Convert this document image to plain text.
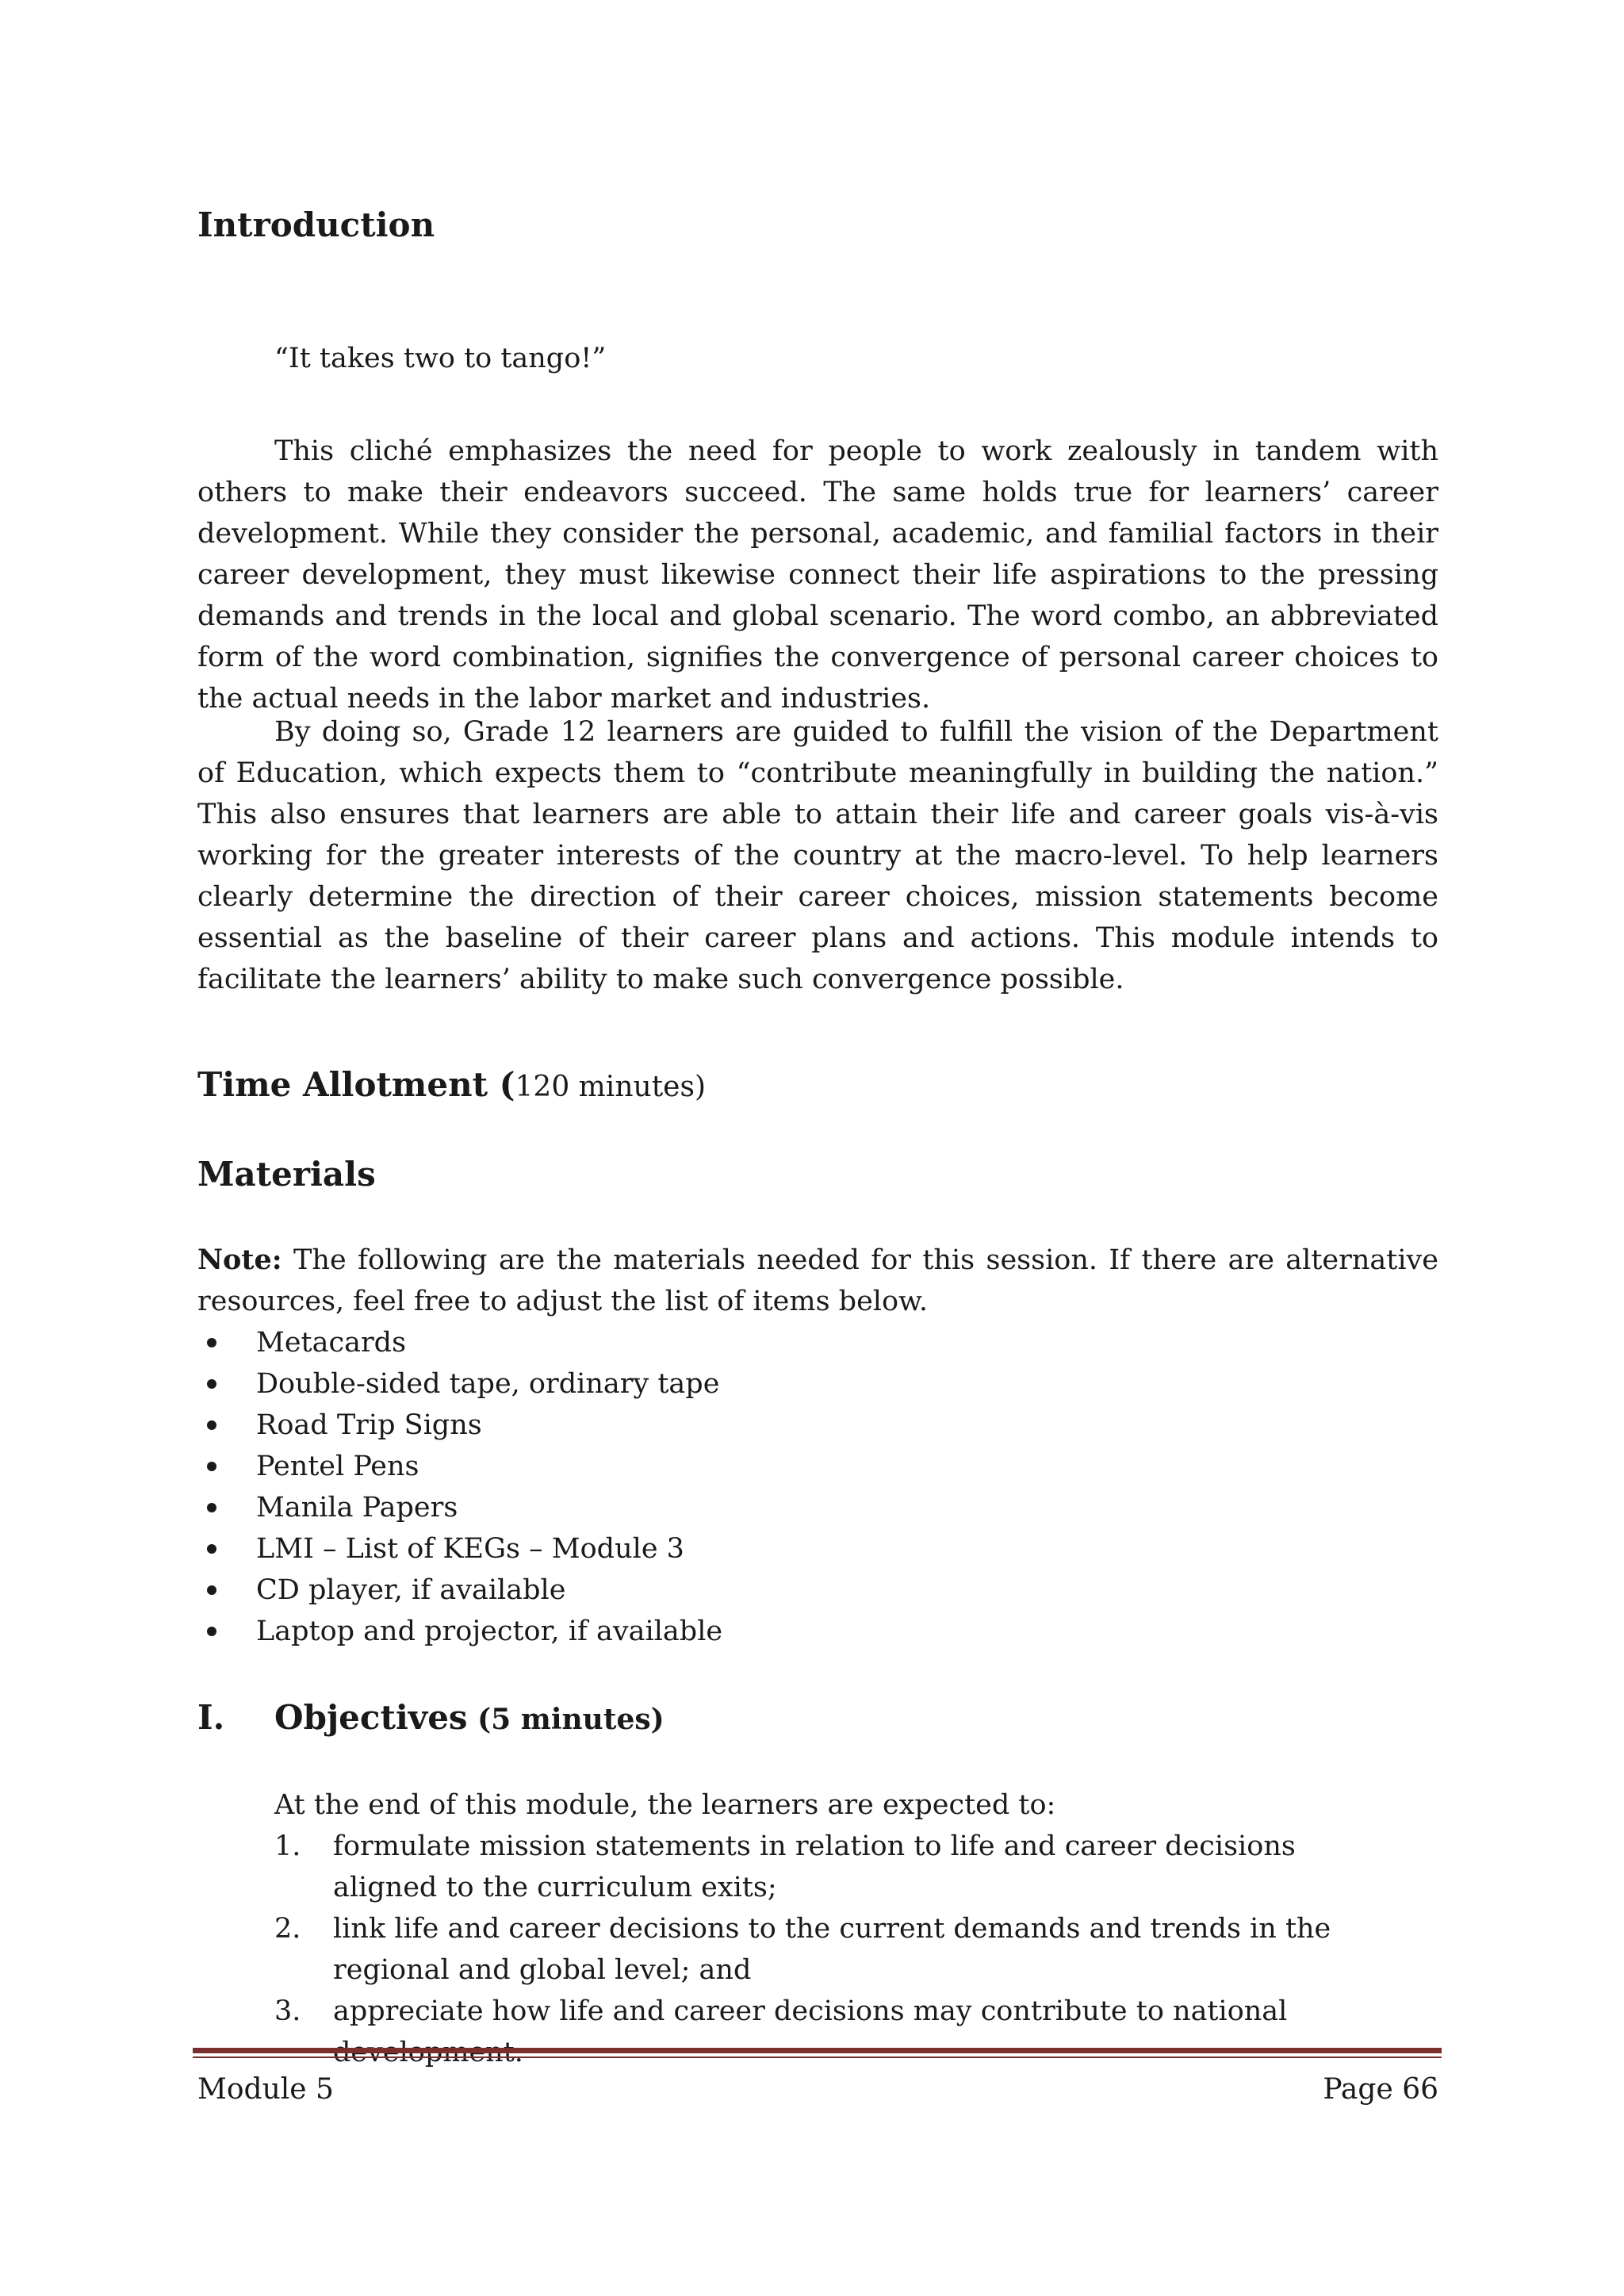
Introduction

“It takes two to tango!”

This cliché emphasizes the need for people to work zealously in tandem with others to make their endeavors succeed. The same holds true for learners’ career development. While they consider the personal, academic, and familial factors in their career development, they must likewise connect their life aspirations to the pressing demands and trends in the local and global scenario. The word combo, an abbreviated form of the word combination, signifies the convergence of personal career choices to the actual needs in the labor market and industries.

By doing so, Grade 12 learners are guided to fulfill the vision of the Department of Education, which expects them to “contribute meaningfully in building the nation.” This also ensures that learners are able to attain their life and career goals vis-à-vis working for the greater interests of the country at the macro-level. To help learners clearly determine the direction of their career choices, mission statements become essential as the baseline of their career plans and actions. This module intends to facilitate the learners’ ability to make such convergence possible.

Time Allotment (120 minutes)
Materials

Note: The following are the materials needed for this session. If there are alternative resources, feel free to adjust the list of items below.

Metacards
Double-sided tape, ordinary tape
Road Trip Signs
Pentel Pens
Manila Papers
LMI – List of KEGs – Module 3
CD player, if available
Laptop and projector, if available
I. Objectives (5 minutes)

At the end of this module, the learners are expected to:

1. formulate mission statements in relation to life and career decisions aligned to the curriculum exits;
2. link life and career decisions to the current demands and trends in the regional and global level; and
3. appreciate how life and career decisions may contribute to national
Module 5	Page 66
